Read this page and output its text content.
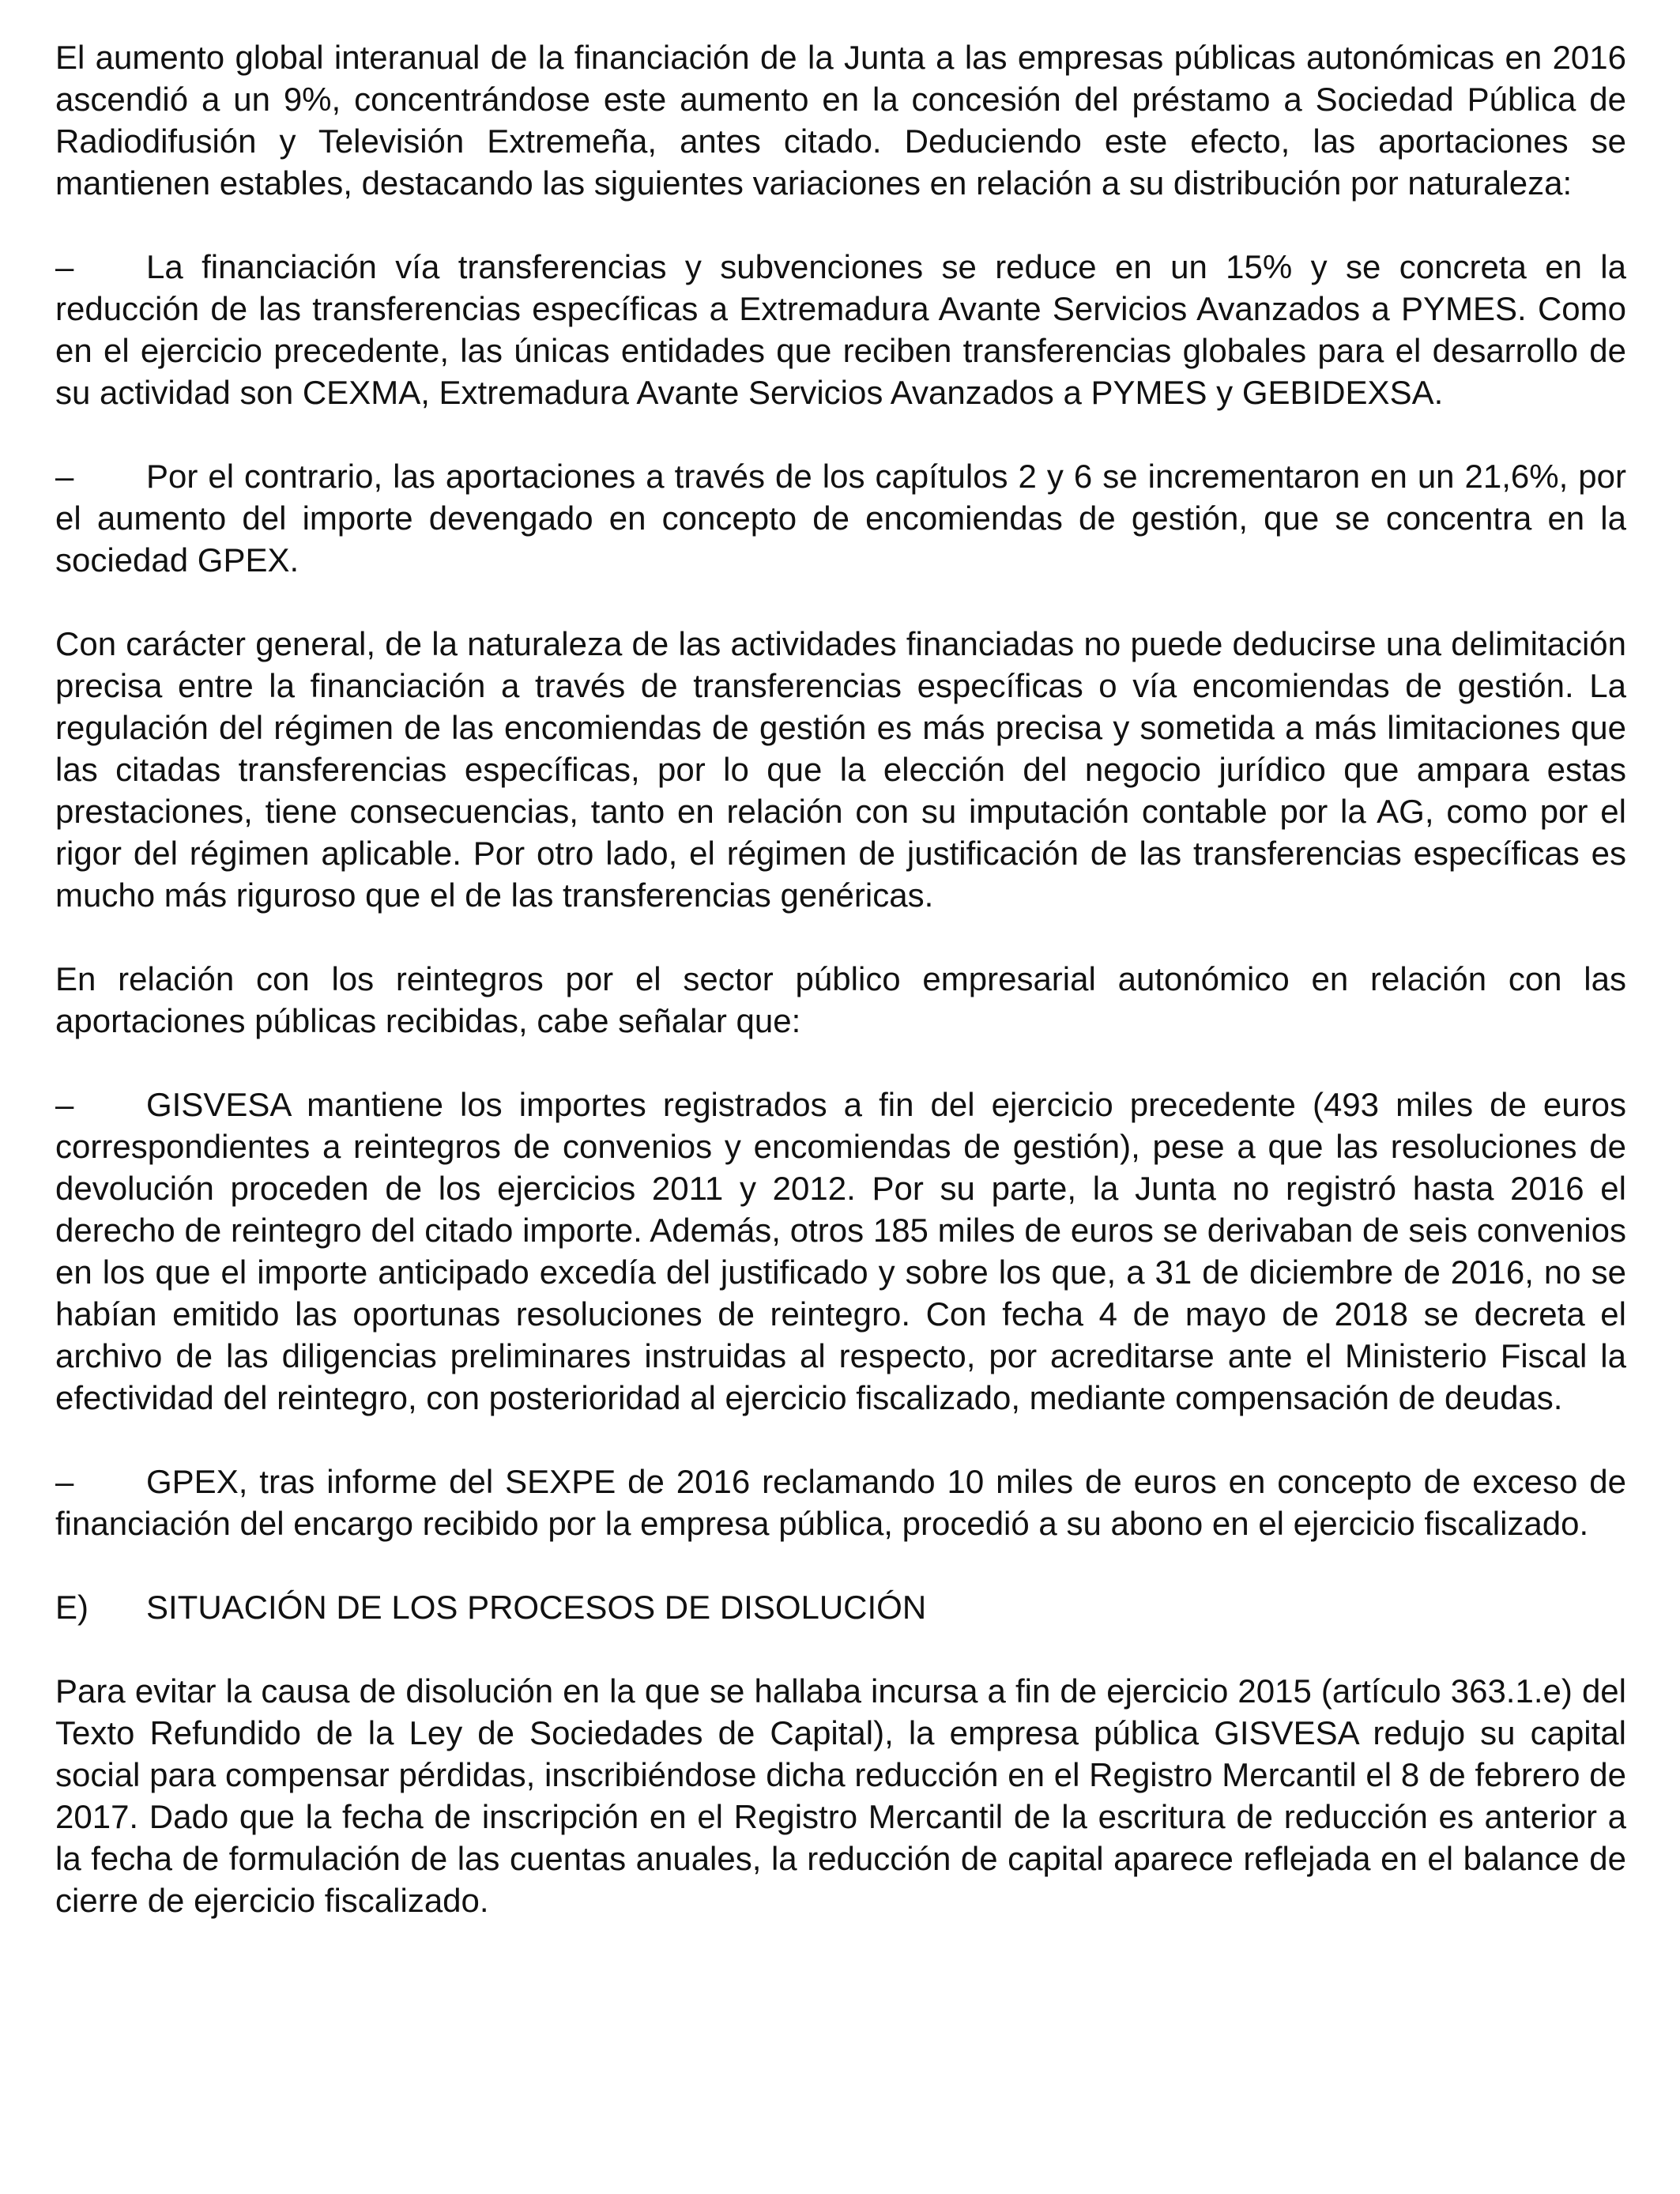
El aumento global interanual de la financiación de la Junta a las empresas públicas autonómicas en 2016 ascendió a un 9%, concentrándose este aumento en la concesión del préstamo a Sociedad Pública de Radiodifusión y Televisión Extremeña, antes citado. Deduciendo este efecto, las aportaciones se mantienen estables, destacando las siguientes variaciones en relación a su distribución por naturaleza:

– La financiación vía transferencias y subvenciones se reduce en un 15% y se concreta en la reducción de las transferencias específicas a Extremadura Avante Servicios Avanzados a PYMES. Como en el ejercicio precedente, las únicas entidades que reciben transferencias globales para el desarrollo de su actividad son CEXMA, Extremadura Avante Servicios Avanzados a PYMES y GEBIDEXSA.

– Por el contrario, las aportaciones a través de los capítulos 2 y 6 se incrementaron en un 21,6%, por el aumento del importe devengado en concepto de encomiendas de gestión, que se concentra en la sociedad GPEX.

Con carácter general, de la naturaleza de las actividades financiadas no puede deducirse una delimitación precisa entre la financiación a través de transferencias específicas o vía encomiendas de gestión. La regulación del régimen de las encomiendas de gestión es más precisa y sometida a más limitaciones que las citadas transferencias específicas, por lo que la elección del negocio jurídico que ampara estas prestaciones, tiene consecuencias, tanto en relación con su imputación contable por la AG, como por el rigor del régimen aplicable. Por otro lado, el régimen de justificación de las transferencias específicas es mucho más riguroso que el de las transferencias genéricas.

En relación con los reintegros por el sector público empresarial autonómico en relación con las aportaciones públicas recibidas, cabe señalar que:

– GISVESA mantiene los importes registrados a fin del ejercicio precedente (493 miles de euros correspondientes a reintegros de convenios y encomiendas de gestión), pese a que las resoluciones de devolución proceden de los ejercicios 2011 y 2012. Por su parte, la Junta no registró hasta 2016 el derecho de reintegro del citado importe. Además, otros 185 miles de euros se derivaban de seis convenios en los que el importe anticipado excedía del justificado y sobre los que, a 31 de diciembre de 2016, no se habían emitido las oportunas resoluciones de reintegro. Con fecha 4 de mayo de 2018 se decreta el archivo de las diligencias preliminares instruidas al respecto, por acreditarse ante el Ministerio Fiscal la efectividad del reintegro, con posterioridad al ejercicio fiscalizado, mediante compensación de deudas.

– GPEX, tras informe del SEXPE de 2016 reclamando 10 miles de euros en concepto de exceso de financiación del encargo recibido por la empresa pública, procedió a su abono en el ejercicio fiscalizado.

E) SITUACIÓN DE LOS PROCESOS DE DISOLUCIÓN

Para evitar la causa de disolución en la que se hallaba incursa a fin de ejercicio 2015 (artículo 363.1.e) del Texto Refundido de la Ley de Sociedades de Capital), la empresa pública GISVESA redujo su capital social para compensar pérdidas, inscribiéndose dicha reducción en el Registro Mercantil el 8 de febrero de 2017. Dado que la fecha de inscripción en el Registro Mercantil de la escritura de reducción es anterior a la fecha de formulación de las cuentas anuales, la reducción de capital aparece reflejada en el balance de cierre de ejercicio fiscalizado.
